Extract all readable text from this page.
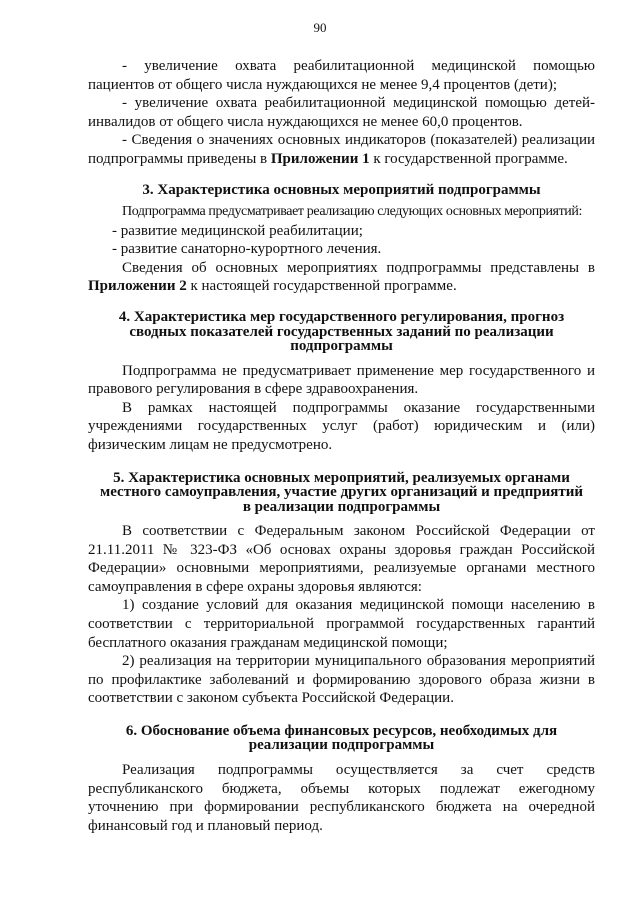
90

- увеличение охвата реабилитационной медицинской помощью

пациентов от общего числа нуждающихся не менее 9,4 процентов (дети);

- увеличение охвата реабилитационной медицинской помощью детей-

инвалидов от общего числа нуждающихся не менее 60,0 процентов.

- Сведения о значениях основных индикаторов (показателей) реализации

подпрограммы приведены в Приложении 1 к государственной программе.

3. Характеристика основных мероприятий подпрограммы

Подпрограмма предусматривает реализацию следующих основных мероприятий:

- развитие медицинской реабилитации;

- развитие санаторно-курортного лечения.

Сведения об основных мероприятиях подпрограммы представлены в

Приложении 2 к настоящей государственной программе.

4. Характеристика мер государственного регулирования, прогноз

сводных показателей государственных заданий по реализации

подпрограммы

Подпрограмма не предусматривает применение мер государственного и

правового регулирования в сфере здравоохранения.

В рамках настоящей подпрограммы оказание государственными

учреждениями государственных услуг (работ) юридическим и (или)

физическим лицам не предусмотрено.

5. Характеристика основных мероприятий, реализуемых органами

местного самоуправления, участие других организаций и предприятий

в реализации подпрограммы

В соответствии с Федеральным законом Российской Федерации от

21.11.2011 № 323-ФЗ «Об основах охраны здоровья граждан Российской

Федерации» основными мероприятиями, реализуемые органами местного

самоуправления в сфере охраны здоровья являются:

1) создание условий для оказания медицинской помощи населению в

соответствии с территориальной программой государственных гарантий

бесплатного оказания гражданам медицинской помощи;

2) реализация на территории муниципального образования мероприятий

по профилактике заболеваний и формированию здорового образа жизни в

соответствии с законом субъекта Российской Федерации.

6. Обоснование объема финансовых ресурсов, необходимых для

реализации подпрограммы

Реализация подпрограммы осуществляется за счет средств

республиканского бюджета, объемы которых подлежат ежегодному

уточнению при формировании республиканского бюджета на очередной

финансовый год и плановый период.
